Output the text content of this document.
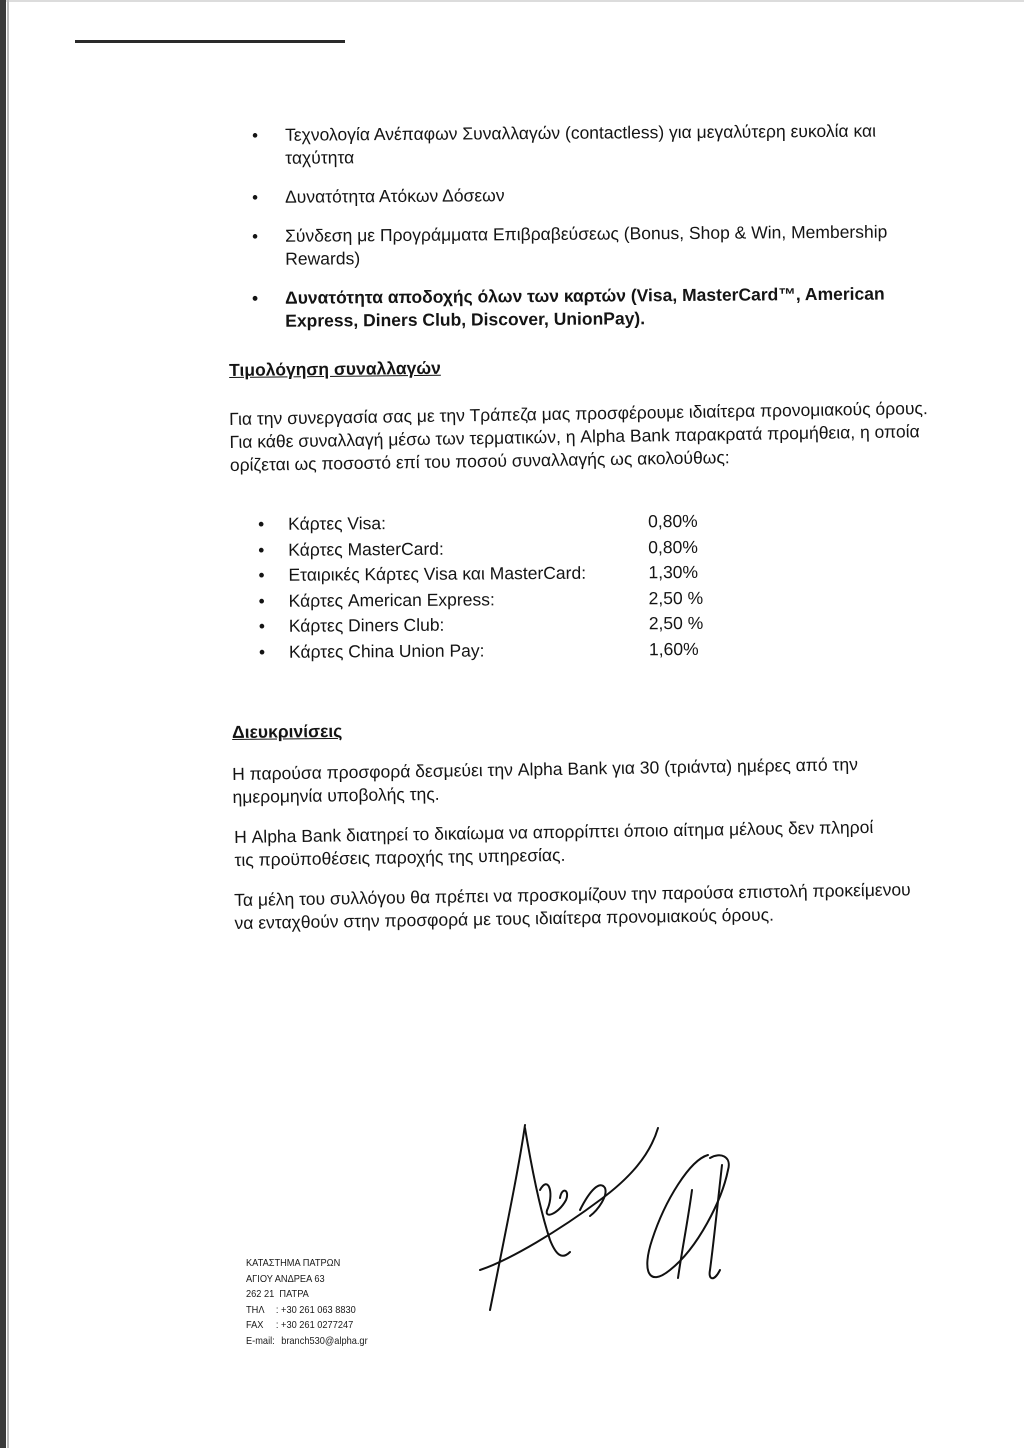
• Τεχνολογία Ανέπαφων Συναλλαγών (contactless) για μεγαλύτερη ευκολία και ταχύτητα
• Δυνατότητα Ατόκων Δόσεων
• Σύνδεση με Προγράμματα Επιβραβεύσεως (Bonus, Shop & Win, Membership Rewards)
• Δυνατότητα αποδοχής όλων των καρτών (Visa, MasterCard™, American Express, Diners Club, Discover, UnionPay).
Τιμολόγηση συναλλαγών
Για την συνεργασία σας με την Τράπεζα μας προσφέρουμε ιδιαίτερα προνομιακούς όρους. Για κάθε συναλλαγή μέσω των τερματικών, η Alpha Bank παρακρατά προμήθεια, η οποία ορίζεται ως ποσοστό επί του ποσού συναλλαγής ως ακολούθως:
• Κάρτες Visa:	0,80%
• Κάρτες MasterCard:	0,80%
• Εταιρικές Κάρτες Visa και MasterCard:	1,30%
• Κάρτες American Express:	2,50 %
• Κάρτες Diners Club:	2,50 %
• Κάρτες China Union Pay:	1,60%
Διευκρινίσεις
Η παρούσα προσφορά δεσμεύει την Alpha Bank για 30 (τριάντα) ημέρες από την ημερομηνία υποβολής της.
Η Alpha Bank διατηρεί το δικαίωμα να απορρίπτει όποιο αίτημα μέλους δεν πληροί τις προϋποθέσεις παροχής της υπηρεσίας.
Τα μέλη του συλλόγου θα πρέπει να προσκομίζουν την παρούσα επιστολή προκείμενου να ενταχθούν στην προσφορά με τους ιδιαίτερα προνομιακούς όρους.
ΚΑΤΑΣΤΗΜΑ ΠΑΤΡΩΝ
ΑΓΙΟΥ ΑΝΔΡΕΑ 63
262 21  ΠΑΤΡΑ
ΤΗΛ : +30 261 063 8830
FAX : +30 261 0277247
E-mail: branch530@alpha.gr
